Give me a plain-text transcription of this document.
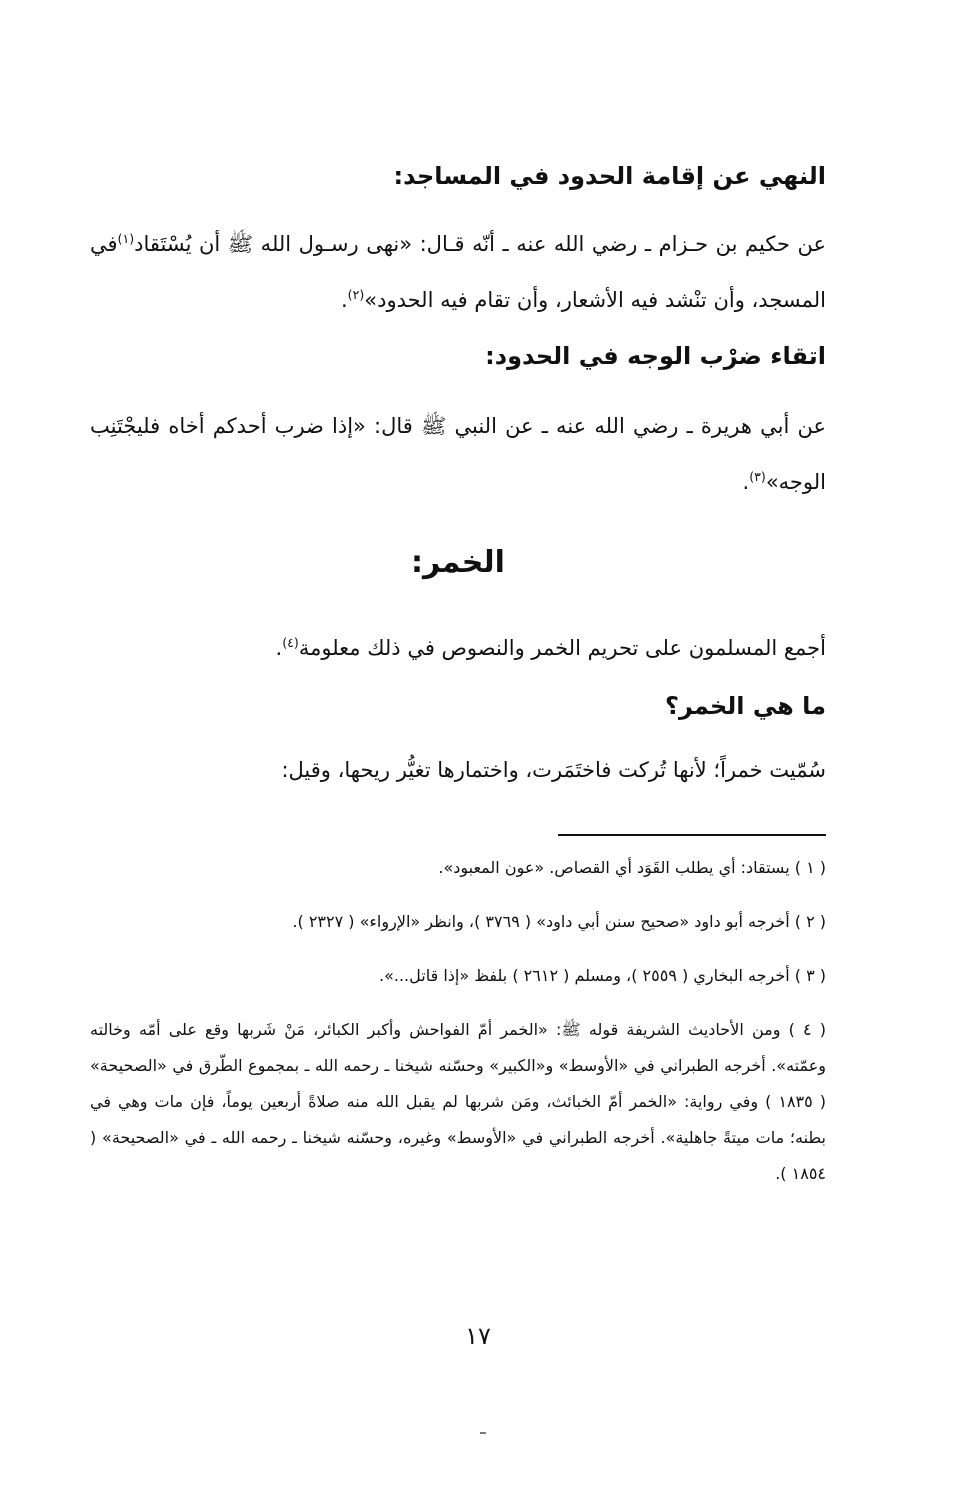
النهي عن إقامة الحدود في المساجد:

عن حكيم بن حـزام ـ رضي الله عنه ـ أنّه قـال: «نهى رسـول الله ﷺ أن يُسْتَقاد$^{(١)}$في المسجد، وأن تنْشد فيه الأشعار، وأن تقام فيه الحدود»$^{(٢)}$.

اتقاء ضرْب الوجه في الحدود:

عن أبي هريرة ـ رضي الله عنه ـ عن النبي ﷺ قال: «إذا ضرب أحدكم أخاه فليجْتَنِب الوجه»$^{(٣)}$.

الخمر:

أجمع المسلمون على تحريم الخمر والنصوص في ذلك معلومة$^{(٤)}$.

ما هي الخمر؟

سُمّيت خمراً؛ لأنها تُركت فاختَمَرت، واختمارها تغيُّر ريحها، وقيل:

( ١ ) يستقاد: أي يطلب القَوَد أي القصاص. «عون المعبود».

( ٢ ) أخرجه أبو داود «صحيح سنن أبي داود» ( ٣٧٦٩ )، وانظر «الإرواء» ( ٢٣٢٧ ).

( ٣ ) أخرجه البخاري ( ٢٥٥٩ )، ومسلم ( ٢٦١٢ ) بلفظ «إذا قاتل...».

( ٤ ) ومن الأحاديث الشريفة قوله ﷺ: «الخمر أمّ الفواحش وأكبر الكبائر، مَنْ شَربها وقع على أمّه وخالته وعمّته». أخرجه الطبراني في «الأوسط» و«الكبير» وحسّنه شيخنا ـ رحمه الله ـ بمجموع الطّرق في «الصحيحة» ( ١٨٣٥ ) وفي رواية: «الخمر أمّ الخبائث، ومَن شربها لم يقبل الله منه صلاةً أربعين يوماً، فإن مات وهي في بطنه؛ مات ميتةً جاهلية». أخرجه الطبراني في «الأوسط» وغيره، وحسّنه شيخنا ـ رحمه الله ـ في «الصحيحة» ( ١٨٥٤ ).

١٧
